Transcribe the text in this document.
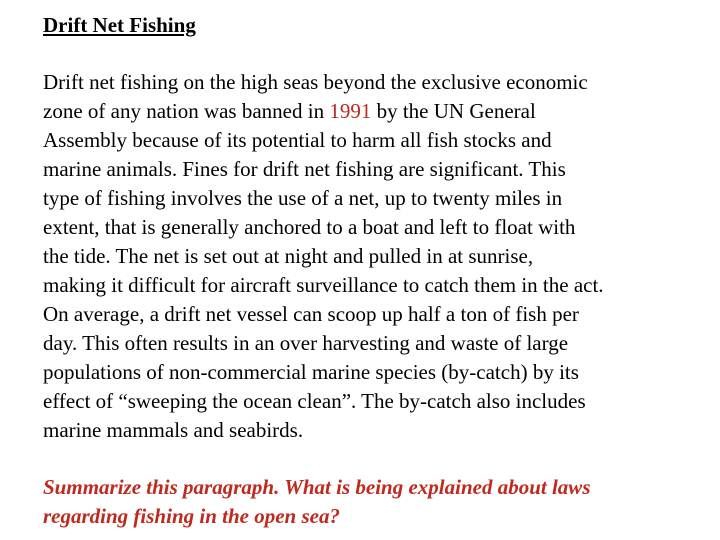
Drift Net Fishing

Drift net fishing on the high seas beyond the exclusive economic
zone of any nation was banned in 1991 by the UN General
Assembly because of its potential to harm all fish stocks and
marine animals. Fines for drift net fishing are significant. This
type of fishing involves the use of a net, up to twenty miles in
extent, that is generally anchored to a boat and left to float with
the tide. The net is set out at night and pulled in at sunrise,
making it difficult for aircraft surveillance to catch them in the act.
On average, a drift net vessel can scoop up half a ton of fish per
day. This often results in an over harvesting and waste of large
populations of non-commercial marine species (by-catch) by its
effect of “sweeping the ocean clean”. The by-catch also includes
marine mammals and seabirds.

Summarize this paragraph. What is being explained about laws
regarding fishing in the open sea?
